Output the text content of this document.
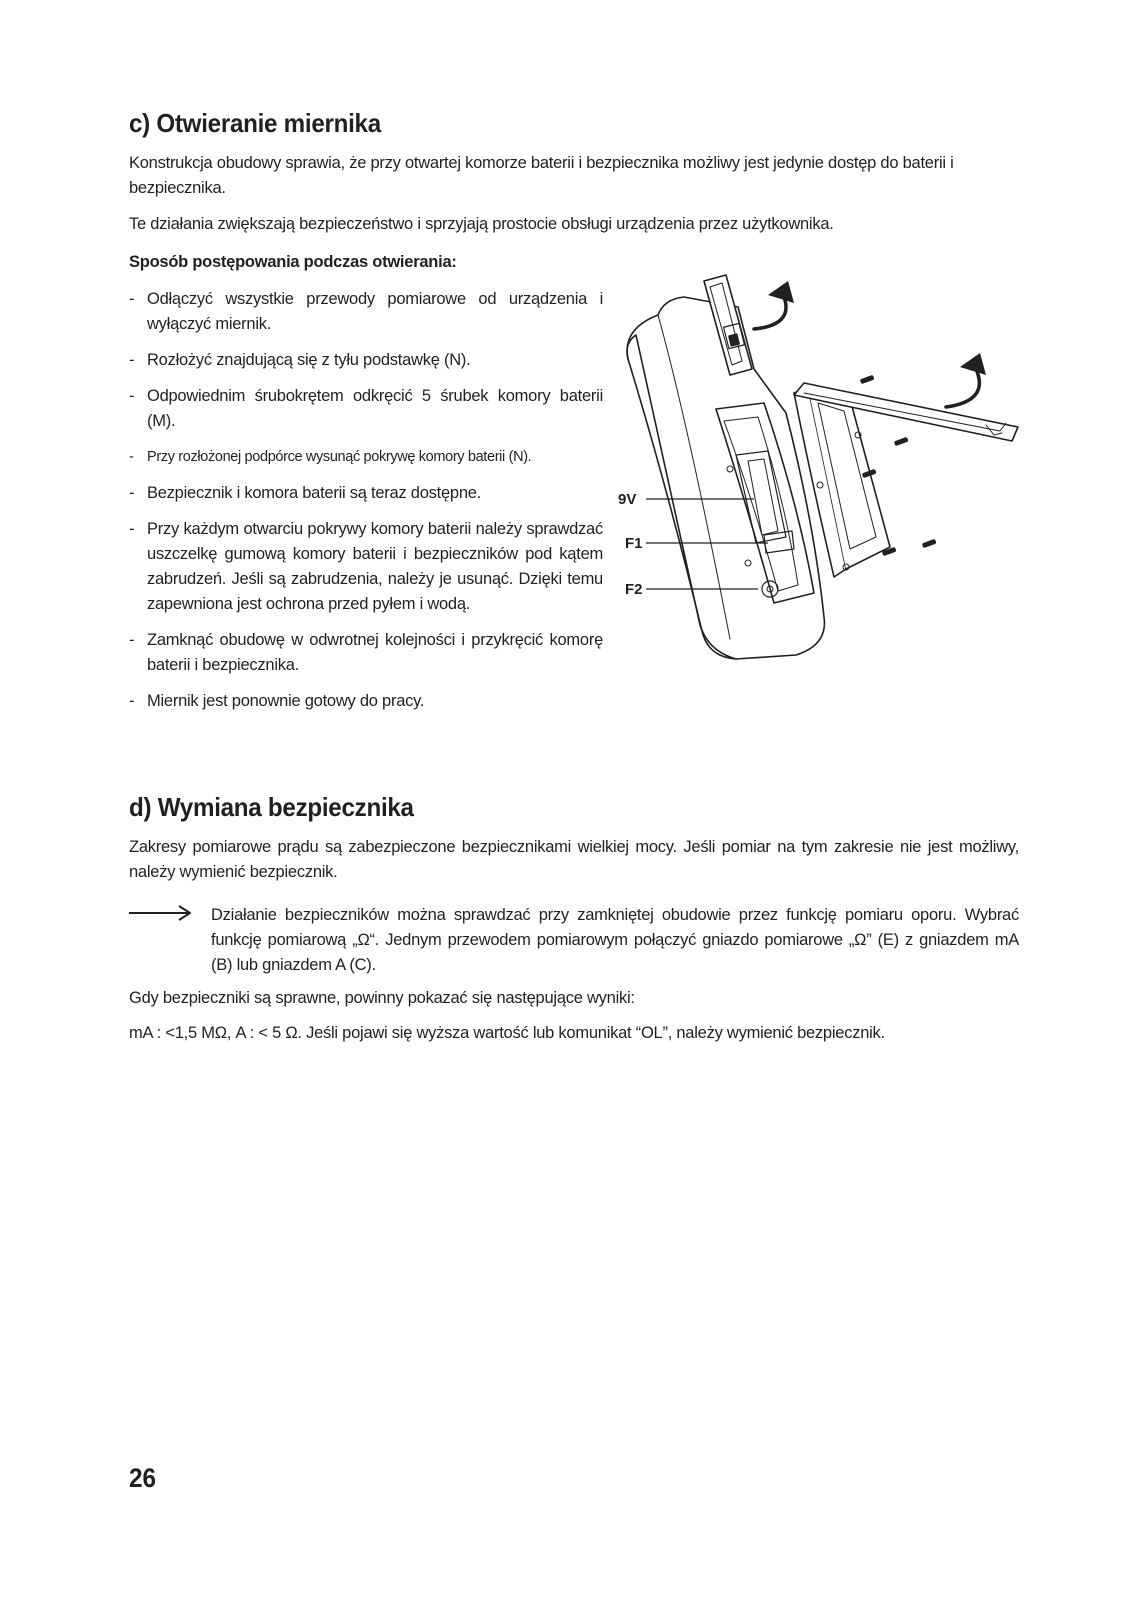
c) Otwieranie miernika

Konstrukcja obudowy sprawia, że przy otwartej komorze baterii i bezpiecznika możliwy jest jedynie dostęp do baterii i bezpiecznika.

Te działania zwiększają bezpieczeństwo i sprzyjają prostocie obsługi urządzenia przez użytkownika.

Sposób postępowania podczas otwierania:

- Odłączyć wszystkie przewody pomiarowe od urządzenia i wyłączyć miernik.
- Rozłożyć znajdującą się z tyłu podstawkę (N).
- Odpowiednim śrubokrętem odkręcić 5 śrubek komory baterii (M).
- Przy rozłożonej podpórce wysunąć pokrywę komory baterii (N).
- Bezpiecznik i komora baterii są teraz dostępne.
- Przy każdym otwarciu pokrywy komory baterii należy sprawdzać uszczelkę gumową komory baterii i bezpieczników pod kątem zabrudzeń. Jeśli są zabrudzenia, należy je usunąć. Dzięki temu zapewniona jest ochrona przed pyłem i wodą.
- Zamknąć obudowę w odwrotnej kolejności i przykręcić komorę baterii i bezpiecznika.
- Miernik jest ponownie gotowy do pracy.
9V
F1
F2
d) Wymiana bezpiecznika

Zakresy pomiarowe prądu są zabezpieczone bezpiecznikami wielkiej mocy. Jeśli pomiar na tym zakresie nie jest możliwy, należy wymienić bezpiecznik.

Działanie bezpieczników można sprawdzać przy zamkniętej obudowie przez funkcję pomiaru oporu. Wybrać funkcję pomiarową „Ω“. Jednym przewodem pomiarowym połączyć gniazdo pomiarowe „Ω” (E) z gniazdem mA (B) lub gniazdem A (C).

Gdy bezpieczniki są sprawne, powinny pokazać się następujące wyniki:

mA : <1,5 MΩ, A : < 5 Ω. Jeśli pojawi się wyższa wartość lub komunikat “OL”, należy wymienić bezpiecznik.

26
